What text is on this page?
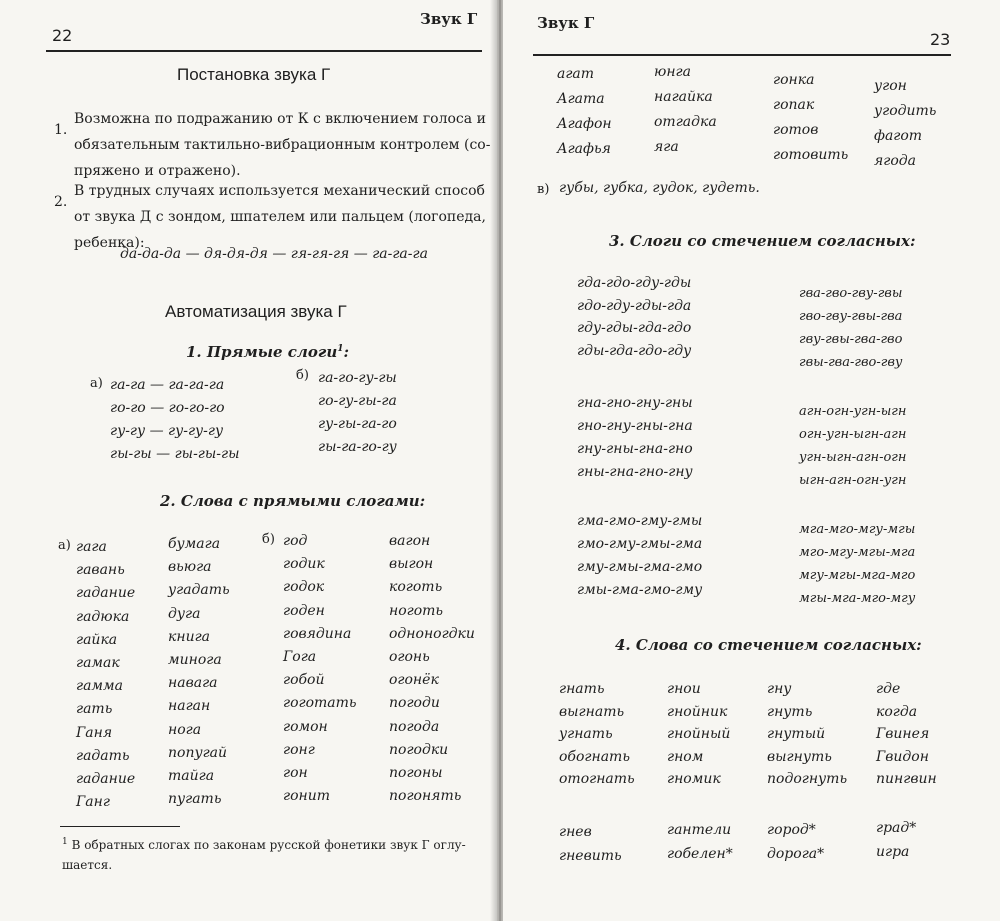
22
Звук Г
Постановка звука Г
1.
Возможна по подражанию от К с включением голоса и
обязательным тактильно-вибрационным контролем (со-
пряжено и отражено).
2.
В трудных случаях используется механический способ
от звука Д с зондом, шпателем или пальцем (логопеда,
ребенка):
да-да-да — дя-дя-дя — гя-гя-гя — га-га-га
Автоматизация звука Г
1. Прямые слоги$^1$:
а) га-га — га-га-га
го-го — го-го-го
гу-гу — гу-гу-гу
гы-гы — гы-гы-гы
б) га-го-гу-гы
го-гу-гы-га
гу-гы-га-го
гы-га-го-гу
2. Слова с прямыми слогами:
а) гага
гавань
гадание
гадюка
гайка
гамак
гамма
гать
Ганя
гадать
гадание
Ганг
бумага
вьюга
угадать
дуга
книга
минога
навага
наган
нога
попугай
тайга
пугать
б) год
годик
годок
годен
говядина
Гога
гобой
гоготать
гомон
гонг
гон
гонит
вагон
выгон
коготь
ноготь
одноногдки
огонь
огонёк
погоди
погода
погодки
погоны
погонять
$^1$ В обратных слогах по законам русской фонетики звук Г оглу-
шается.
Звук Г
23
агат
Агата
Агафон
Агафья
юнга
нагайка
отгадка
яга
гонка
гопак
готов
готовить
угон
угодить
фагот
ягода
в) губы, губка, гудок, гудеть.
3. Слоги со стечением согласных:
гда-гдо-гду-гды
гдо-гду-гды-гда
гду-гды-гда-гдо
гды-гда-гдо-гду
гва-гво-гву-гвы
гво-гву-гвы-гва
гву-гвы-гва-гво
гвы-гва-гво-гву
гна-гно-гну-гны
гно-гну-гны-гна
гну-гны-гна-гно
гны-гна-гно-гну
агн-огн-угн-ыгн
огн-угн-ыгн-агн
угн-ыгн-агн-огн
ыгн-агн-огн-угн
гма-гмо-гму-гмы
гмо-гму-гмы-гма
гму-гмы-гма-гмо
гмы-гма-гмо-гму
мга-мго-мгу-мгы
мго-мгу-мгы-мга
мгу-мгы-мга-мго
мгы-мга-мго-мгу
4. Слова со стечением согласных:
гнать
выгнать
угнать
обогнать
отогнать
гнои
гнойник
гнойный
гном
гномик
гну
гнуть
гнутый
выгнуть
подогнуть
где
когда
Гвинея
Гвидон
пингвин
гнев
гневить
гантели
гобелен*
город*
дорога*
град*
игра
